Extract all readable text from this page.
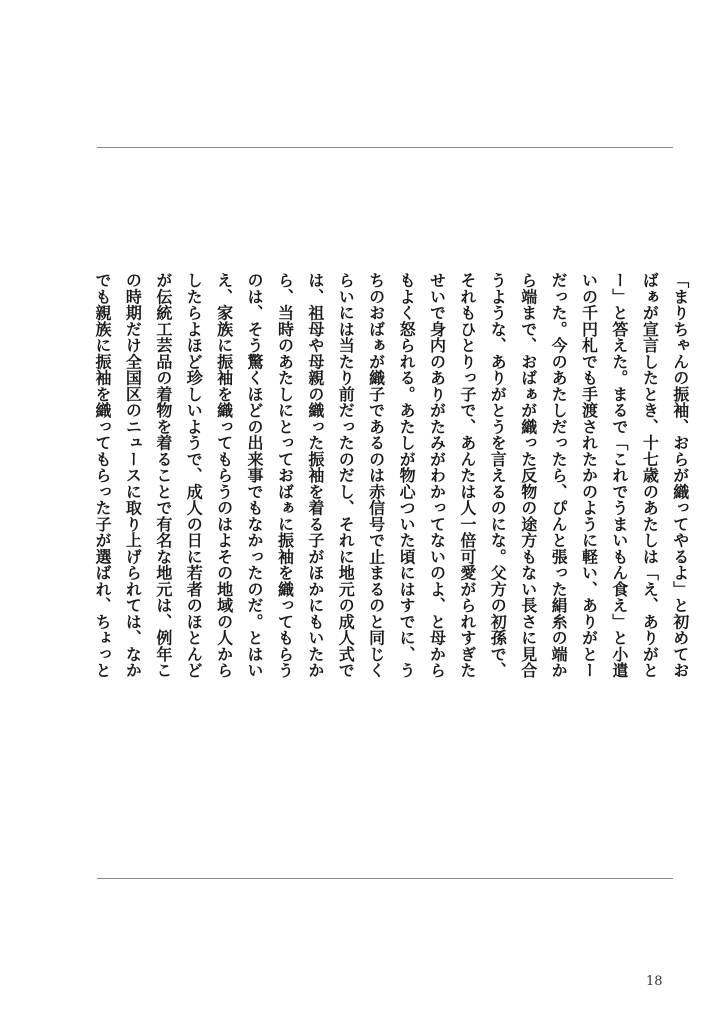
「まりちゃんの振袖、おらが織ってやるよ」と初めてお
ばぁが宣言したとき、十七歳のあたしは「え、ありがと
ー」と答えた。まるで「これでうまいもん食え」と小遣
いの千円札でも手渡されたかのように軽い、ありがとー
だった。今のあたしだったら、ぴんと張った絹糸の端か
ら端まで、おばぁが織った反物の途方もない長さに見合
うような、ありがとうを言えるのにな。父方の初孫で、
それもひとりっ子で、あんたは人一倍可愛がられすぎた
せいで身内のありがたみがわかってないのよ、と母から
もよく怒られる。あたしが物心ついた頃にはすでに、う
ちのおばぁが織子であるのは赤信号で止まるのと同じく
らいには当たり前だったのだし、それに地元の成人式で
は、祖母や母親の織った振袖を着る子がほかにもいたか
ら、当時のあたしにとっておばぁに振袖を織ってもらう
のは、そう驚くほどの出来事でもなかったのだ。とはい
え、家族に振袖を織ってもらうのはよその地域の人から
したらよほど珍しいようで、成人の日に若者のほとんど
が伝統工芸品の着物を着ることで有名な地元は、例年こ
の時期だけ全国区のニュースに取り上げられては、なか
でも親族に振袖を織ってもらった子が選ばれ、ちょっと
18
